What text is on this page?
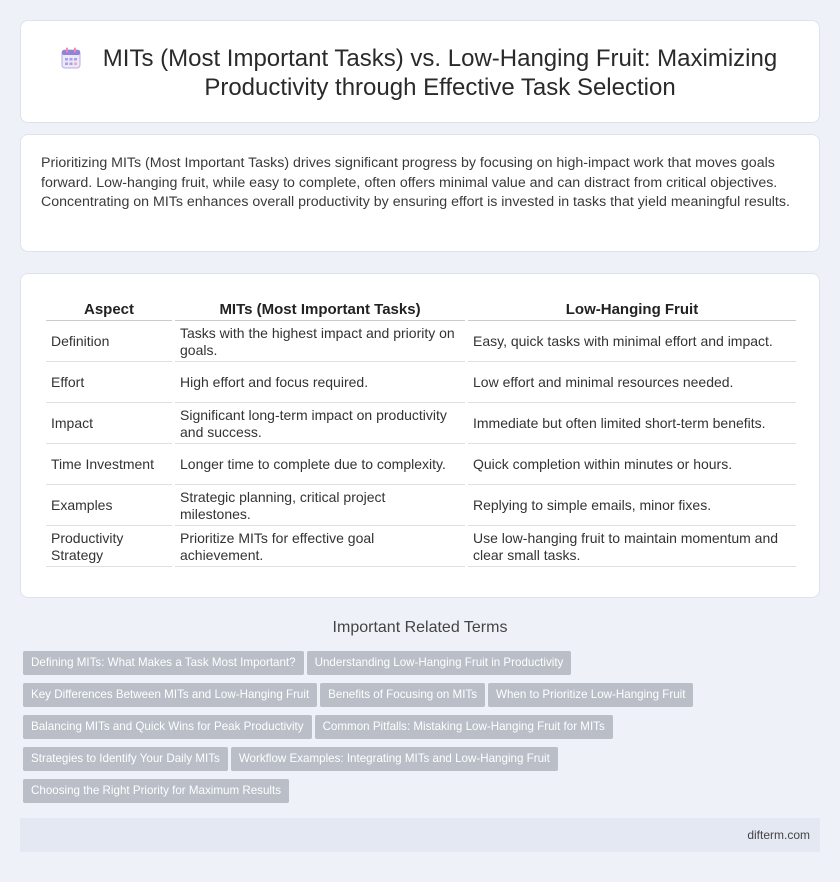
MITs (Most Important Tasks) vs. Low-Hanging Fruit: Maximizing Productivity through Effective Task Selection

Prioritizing MITs (Most Important Tasks) drives significant progress by focusing on high-impact work that moves goals forward. Low-hanging fruit, while easy to complete, often offers minimal value and can distract from critical objectives. Concentrating on MITs enhances overall productivity by ensuring effort is invested in tasks that yield meaningful results.

Aspect	MITs (Most Important Tasks)	Low-Hanging Fruit
Definition	Tasks with the highest impact and priority on goals.	Easy, quick tasks with minimal effort and impact.
Effort	High effort and focus required.	Low effort and minimal resources needed.
Impact	Significant long-term impact on productivity and success.	Immediate but often limited short-term benefits.
Time Investment	Longer time to complete due to complexity.	Quick completion within minutes or hours.
Examples	Strategic planning, critical project milestones.	Replying to simple emails, minor fixes.
Productivity Strategy	Prioritize MITs for effective goal achievement.	Use low-hanging fruit to maintain momentum and clear small tasks.
Important Related Terms
Defining MITs: What Makes a Task Most Important? Understanding Low-Hanging Fruit in Productivity
Key Differences Between MITs and Low-Hanging Fruit Benefits of Focusing on MITs When to Prioritize Low-Hanging Fruit
Balancing MITs and Quick Wins for Peak Productivity Common Pitfalls: Mistaking Low-Hanging Fruit for MITs
Strategies to Identify Your Daily MITs Workflow Examples: Integrating MITs and Low-Hanging Fruit
Choosing the Right Priority for Maximum Results
difterm.com
